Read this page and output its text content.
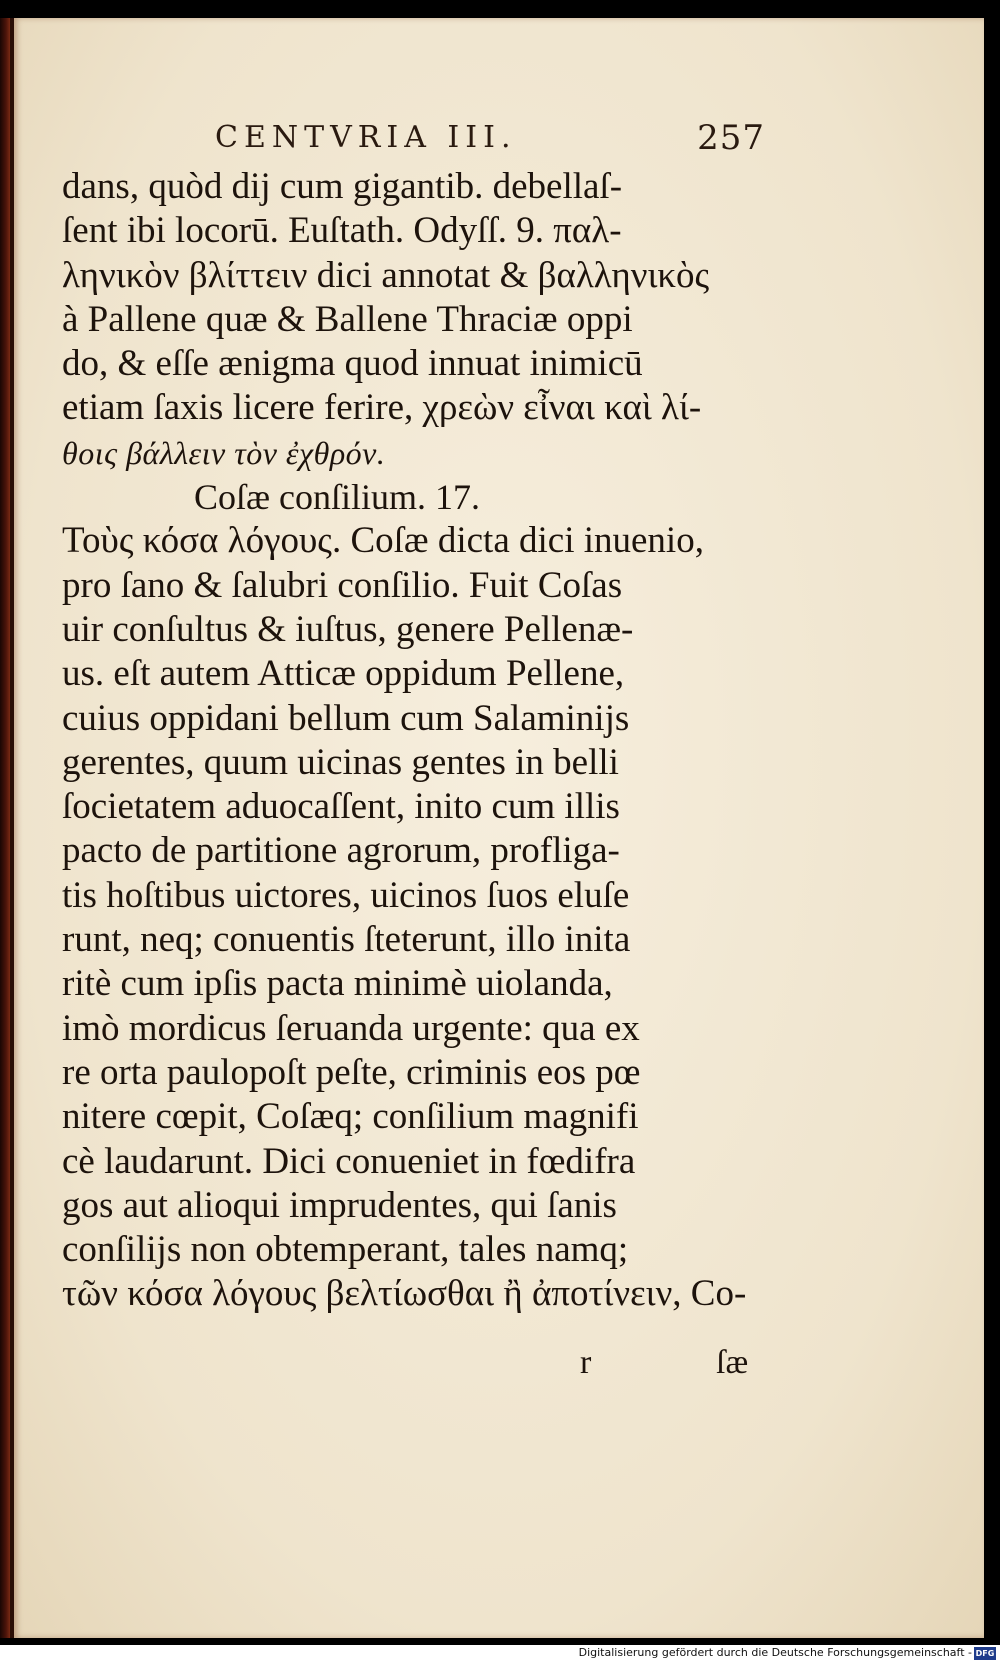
CENTVRIA III.	257
dans, quòd dij cum gigantib. debellaſ-
ſent ibi locorū. Euſtath. Odyſſ. 9. παλ-
ληνικὸν βλίττειν dici annotat & βαλληνικὸς
à Pallene quæ & Ballene Thraciæ oppi
do, & eſſe ænigma quod innuat inimicū
etiam ſaxis licere ferire, χρεὼν εἶναι καὶ λί-
θοις βάλλειν τὸν ἐχθρόν.
Coſæ conſilium. 17.
Τοὺς κόσα λόγους. Coſæ dicta dici inuenio,
pro ſano & ſalubri conſilio. Fuit Coſas
uir conſultus & iuſtus, genere Pellenæ-
us. eſt autem Atticæ oppidum Pellene,
cuius oppidani bellum cum Salaminijs
gerentes, quum uicinas gentes in belli
ſocietatem aduocaſſent, inito cum illis
pacto de partitione agrorum, profliga-
tis hoſtibus uictores, uicinos ſuos eluſe
runt, neq; conuentis ſteterunt, illo inita
ritè cum ipſis pacta minimè uiolanda,
imò mordicus ſeruanda urgente: qua ex
re orta paulopoſt peſte, criminis eos pœ
nitere cœpit, Coſæq; conſilium magnifi
cè laudarunt. Dici conueniet in fœdifra
gos aut alioqui imprudentes, qui ſanis
conſilijs non obtemperant, tales namq;
τῶν κόσα λόγους βελτίωσθαι ἢ ἀποτίνειν, Co-
r	ſæ
Digitalisierung gefördert durch die Deutsche Forschungsgemeinschaft - DFG
